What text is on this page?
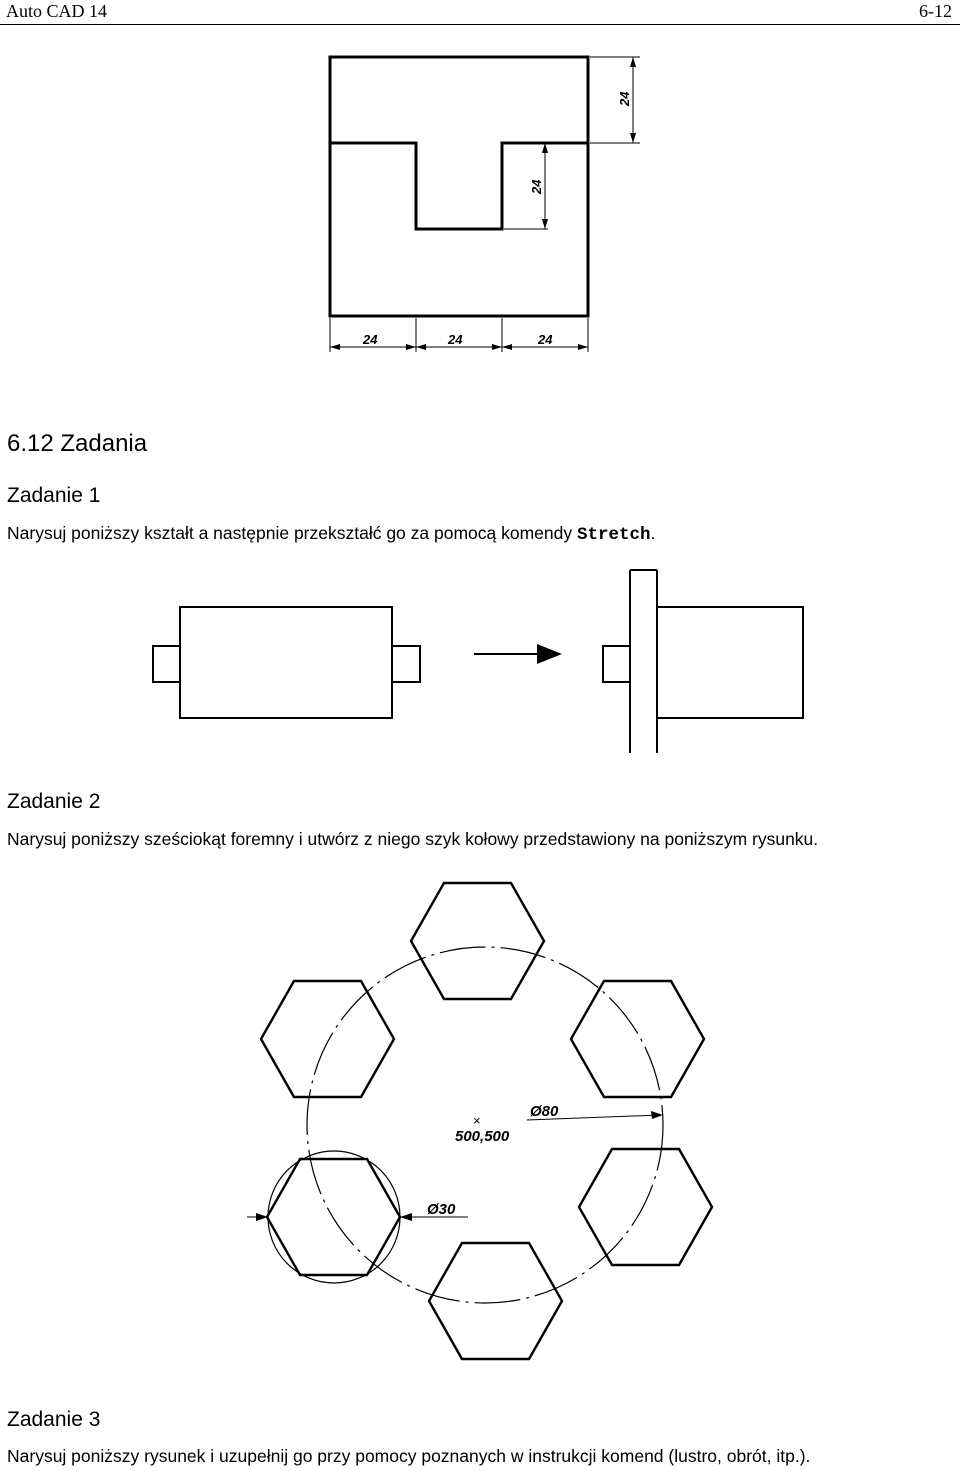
Auto CAD 14	6-12
24
24
24	24	24
6.12 Zadania
Zadanie 1
Narysuj poniższy kształt a następnie przekształć go za pomocą komendy Stretch.
Zadanie 2
Narysuj poniższy sześciokąt foremny i utwórz z niego szyk kołowy przedstawiony na poniższym rysunku.
Ø80
×
500,500
Ø30
Zadanie 3
Narysuj poniższy rysunek i uzupełnij go przy pomocy poznanych w instrukcji komend (lustro, obrót, itp.).
